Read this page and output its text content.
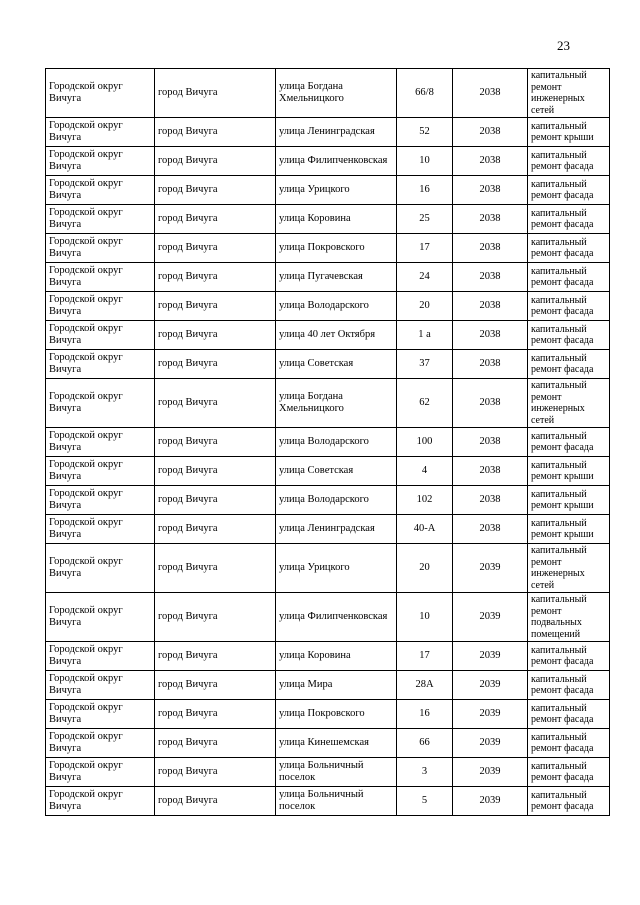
23
Городской округ Вичуга	город Вичуга	улица Богдана Хмельницкого	66/8	2038	капитальный ремонт инженерных сетей
Городской округ Вичуга	город Вичуга	улица Ленинградская	52	2038	капитальный ремонт крыши
Городской округ Вичуга	город Вичуга	улица Филипченковская	10	2038	капитальный ремонт фасада
Городской округ Вичуга	город Вичуга	улица Урицкого	16	2038	капитальный ремонт фасада
Городской округ Вичуга	город Вичуга	улица Коровина	25	2038	капитальный ремонт фасада
Городской округ Вичуга	город Вичуга	улица Покровского	17	2038	капитальный ремонт фасада
Городской округ Вичуга	город Вичуга	улица Пугачевская	24	2038	капитальный ремонт фасада
Городской округ Вичуга	город Вичуга	улица Володарского	20	2038	капитальный ремонт фасада
Городской округ Вичуга	город Вичуга	улица 40 лет Октября	1 а	2038	капитальный ремонт фасада
Городской округ Вичуга	город Вичуга	улица Советская	37	2038	капитальный ремонт фасада
Городской округ Вичуга	город Вичуга	улица Богдана Хмельницкого	62	2038	капитальный ремонт инженерных сетей
Городской округ Вичуга	город Вичуга	улица Володарского	100	2038	капитальный ремонт фасада
Городской округ Вичуга	город Вичуга	улица Советская	4	2038	капитальный ремонт крыши
Городской округ Вичуга	город Вичуга	улица Володарского	102	2038	капитальный ремонт крыши
Городской округ Вичуга	город Вичуга	улица Ленинградская	40-А	2038	капитальный ремонт крыши
Городской округ Вичуга	город Вичуга	улица Урицкого	20	2039	капитальный ремонт инженерных сетей
Городской округ Вичуга	город Вичуга	улица Филипченковская	10	2039	капитальный ремонт подвальных помещений
Городской округ Вичуга	город Вичуга	улица Коровина	17	2039	капитальный ремонт фасада
Городской округ Вичуга	город Вичуга	улица Мира	28А	2039	капитальный ремонт фасада
Городской округ Вичуга	город Вичуга	улица Покровского	16	2039	капитальный ремонт фасада
Городской округ Вичуга	город Вичуга	улица Кинешемская	66	2039	капитальный ремонт фасада
Городской округ Вичуга	город Вичуга	улица Больничный поселок	3	2039	капитальный ремонт фасада
Городской округ Вичуга	город Вичуга	улица Больничный поселок	5	2039	капитальный ремонт фасада
